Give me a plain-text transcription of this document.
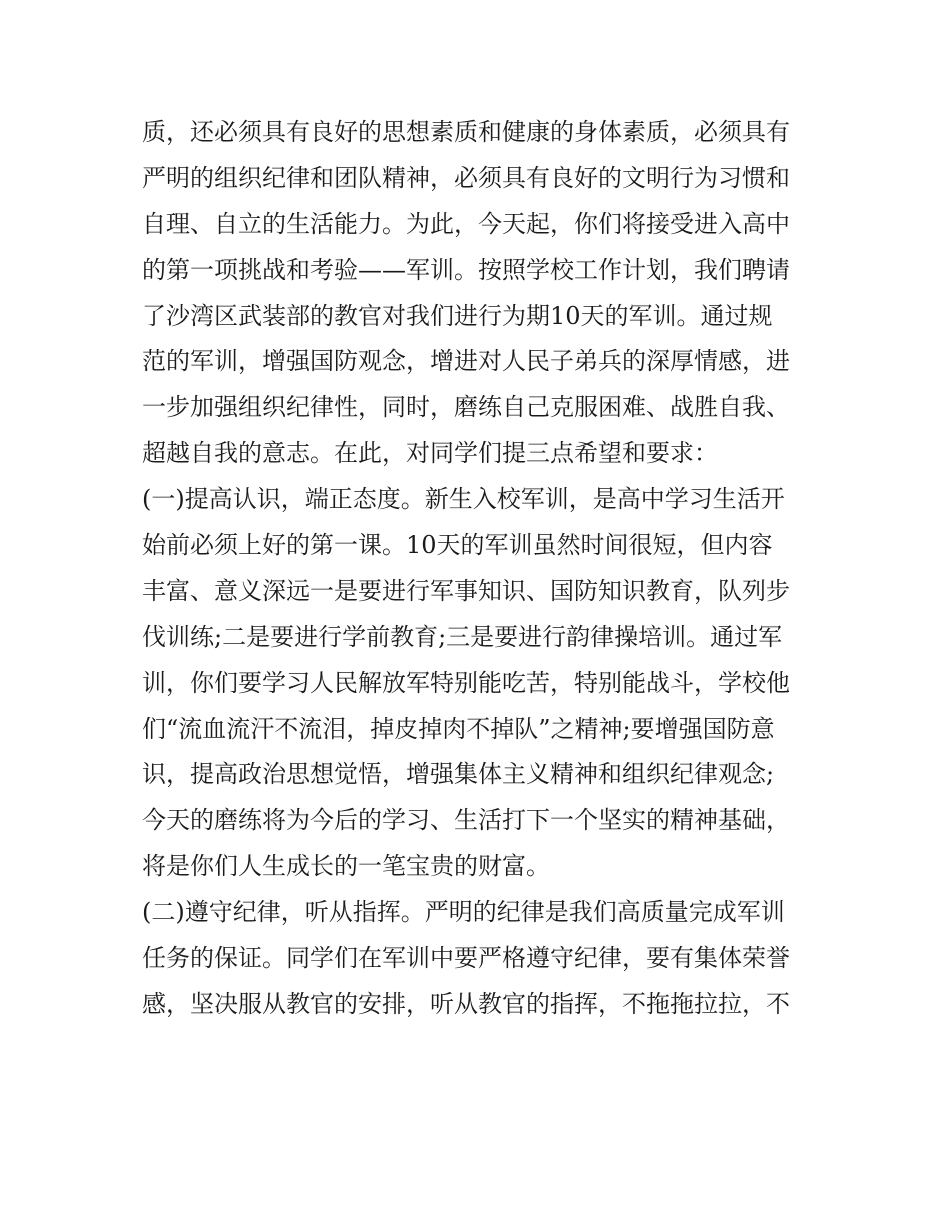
质，还必须具有良好的思想素质和健康的身体素质，必须具有
严明的组织纪律和团队精神，必须具有良好的文明行为习惯和
自理、自立的生活能力。为此，今天起，你们将接受进入高中
的第一项挑战和考验——军训。按照学校工作计划，我们聘请
了沙湾区武装部的教官对我们进行为期10天的军训。通过规
范的军训，增强国防观念，增进对人民子弟兵的深厚情感，进
一步加强组织纪律性，同时，磨练自己克服困难、战胜自我、
超越自我的意志。在此，对同学们提三点希望和要求：
(一)提高认识，端正态度。新生入校军训，是高中学习生活开
始前必须上好的第一课。10天的军训虽然时间很短，但内容
丰富、意义深远一是要进行军事知识、国防知识教育，队列步
伐训练;二是要进行学前教育;三是要进行韵律操培训。通过军
训，你们要学习人民解放军特别能吃苦，特别能战斗，学校他
们“流血流汗不流泪，掉皮掉肉不掉队”之精神;要增强国防意
识，提高政治思想觉悟，增强集体主义精神和组织纪律观念;
今天的磨练将为今后的学习、生活打下一个坚实的精神基础，
将是你们人生成长的一笔宝贵的财富。
(二)遵守纪律，听从指挥。严明的纪律是我们高质量完成军训
任务的保证。同学们在军训中要严格遵守纪律，要有集体荣誉
感，坚决服从教官的安排，听从教官的指挥，不拖拖拉拉，不
